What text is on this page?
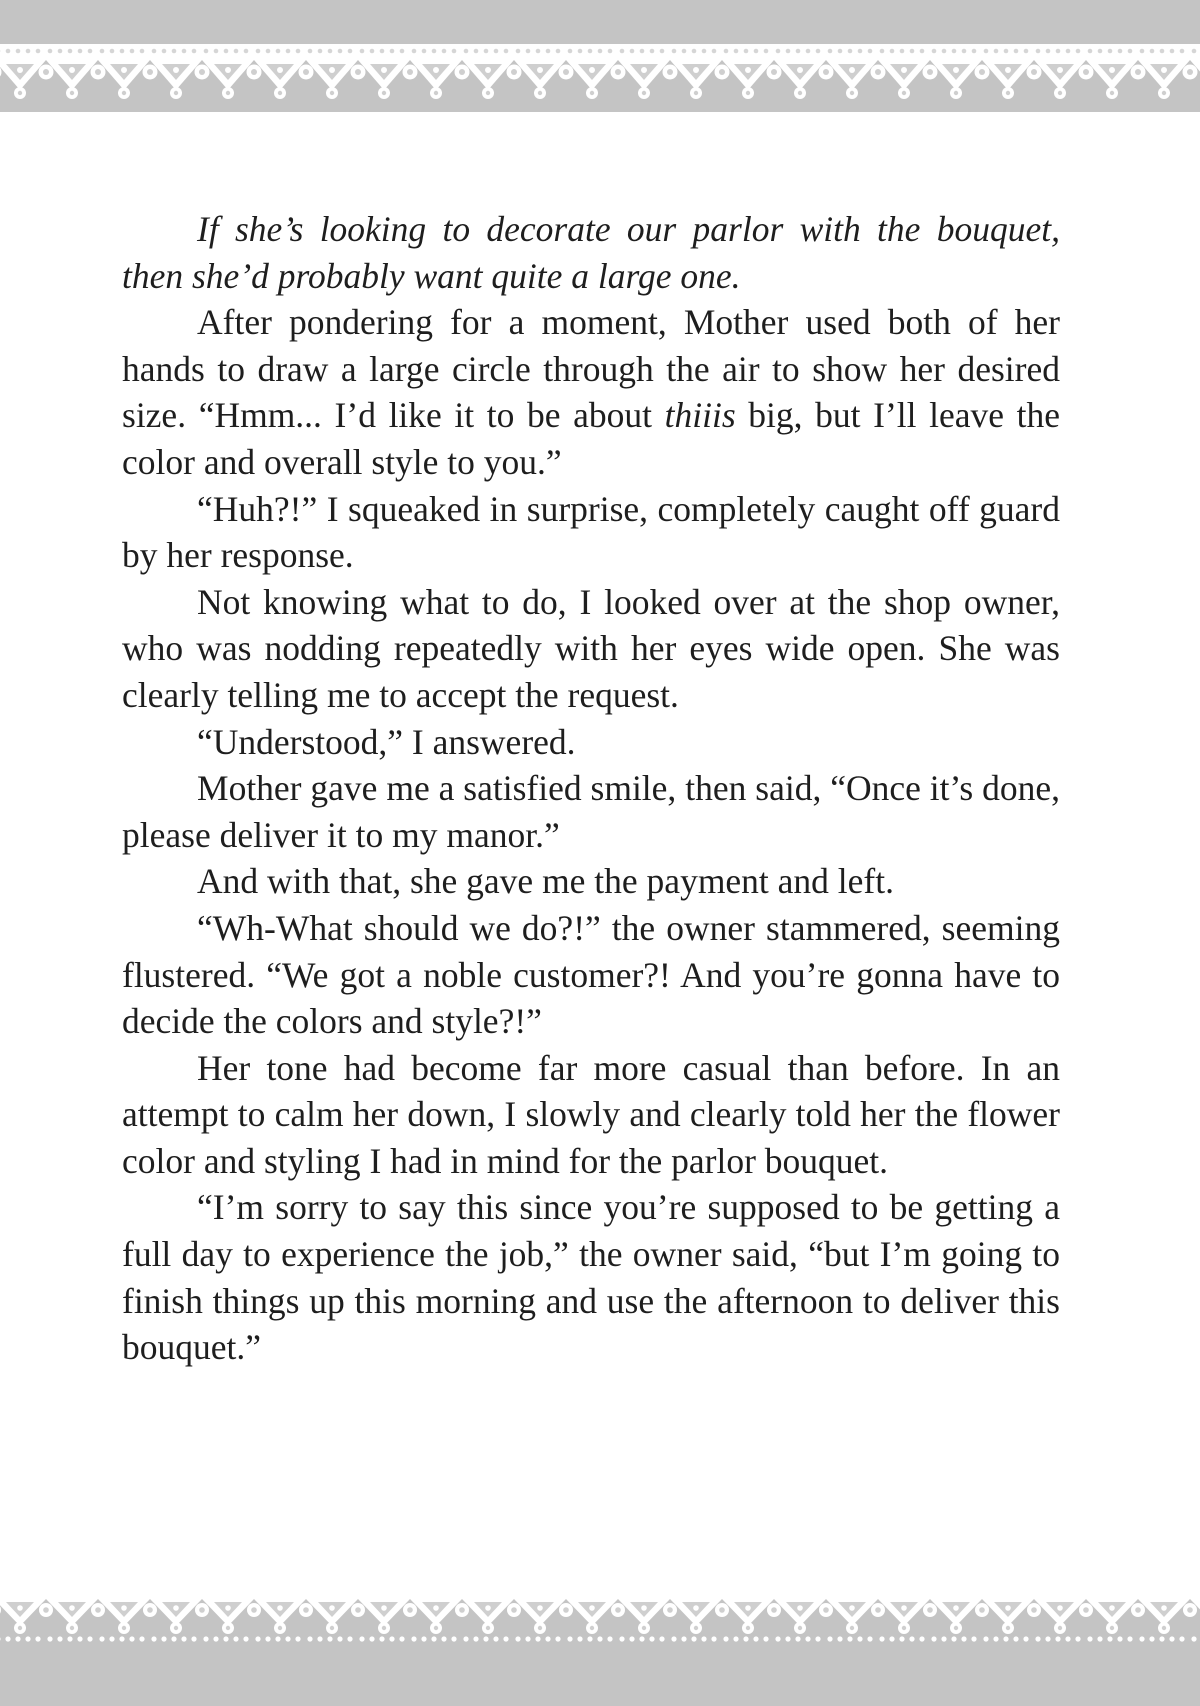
If she’s looking to decorate our parlor with the bouquet, then she’d probably want quite a large one.

After pondering for a moment, Mother used both of her hands to draw a large circle through the air to show her desired size. “Hmm... I’d like it to be about thiiis big, but I’ll leave the color and overall style to you.”

“Huh?!” I squeaked in surprise, completely caught off guard by her response.

Not knowing what to do, I looked over at the shop owner, who was nodding repeatedly with her eyes wide open. She was clearly telling me to accept the request.

“Understood,” I answered.

Mother gave me a satisfied smile, then said, “Once it’s done, please deliver it to my manor.”

And with that, she gave me the payment and left.

“Wh-What should we do?!” the owner stammered, seeming flustered. “We got a noble customer?! And you’re gonna have to decide the colors and style?!”

Her tone had become far more casual than before. In an attempt to calm her down, I slowly and clearly told her the flower color and styling I had in mind for the parlor bouquet.

“I’m sorry to say this since you’re supposed to be getting a full day to experience the job,” the owner said, “but I’m going to finish things up this morning and use the afternoon to deliver this bouquet.”
